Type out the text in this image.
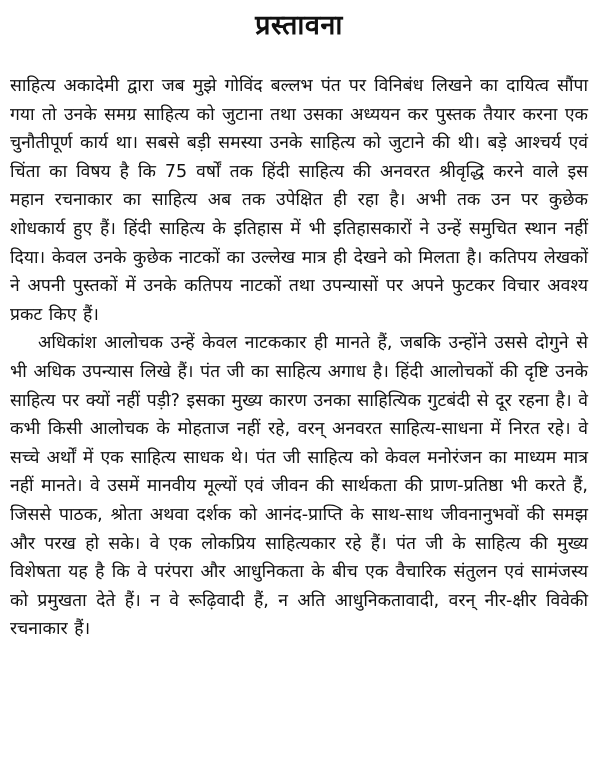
प्रस्तावना

साहित्य अकादेमी द्वारा जब मुझे गोविंद बल्लभ पंत पर विनिबंध लिखने का दायित्व सौंपा गया तो उनके समग्र साहित्य को जुटाना तथा उसका अध्ययन कर पुस्तक तैयार करना एक चुनौतीपूर्ण कार्य था। सबसे बड़ी समस्या उनके साहित्य को जुटाने की थी। बड़े आश्चर्य एवं चिंता का विषय है कि 75 वर्षों तक हिंदी साहित्य की अनवरत श्रीवृद्धि करने वाले इस महान रचनाकार का साहित्य अब तक उपेक्षित ही रहा है। अभी तक उन पर कुछेक शोधकार्य हुए हैं। हिंदी साहित्य के इतिहास में भी इतिहासकारों ने उन्हें समुचित स्थान नहीं दिया। केवल उनके कुछेक नाटकों का उल्लेख मात्र ही देखने को मिलता है। कतिपय लेखकों ने अपनी पुस्तकों में उनके कतिपय नाटकों तथा उपन्यासों पर अपने फुटकर विचार अवश्य प्रकट किए हैं।

अधिकांश आलोचक उन्हें केवल नाटककार ही मानते हैं, जबकि उन्होंने उससे दोगुने से भी अधिक उपन्यास लिखे हैं। पंत जी का साहित्य अगाध है। हिंदी आलोचकों की दृष्टि उनके साहित्य पर क्यों नहीं पड़ी? इसका मुख्य कारण उनका साहित्यिक गुटबंदी से दूर रहना है। वे कभी किसी आलोचक के मोहताज नहीं रहे, वरन् अनवरत साहित्य-साधना में निरत रहे। वे सच्चे अर्थों में एक साहित्य साधक थे। पंत जी साहित्य को केवल मनोरंजन का माध्यम मात्र नहीं मानते। वे उसमें मानवीय मूल्यों एवं जीवन की सार्थकता की प्राण-प्रतिष्ठा भी करते हैं, जिससे पाठक, श्रोता अथवा दर्शक को आनंद-प्राप्ति के साथ-साथ जीवनानुभवों की समझ और परख हो सके। वे एक लोकप्रिय साहित्यकार रहे हैं। पंत जी के साहित्य की मुख्य विशेषता यह है कि वे परंपरा और आधुनिकता के बीच एक वैचारिक संतुलन एवं सामंजस्य को प्रमुखता देते हैं। न वे रूढ़िवादी हैं, न अति आधुनिकतावादी, वरन् नीर-क्षीर विवेकी रचनाकार हैं।
